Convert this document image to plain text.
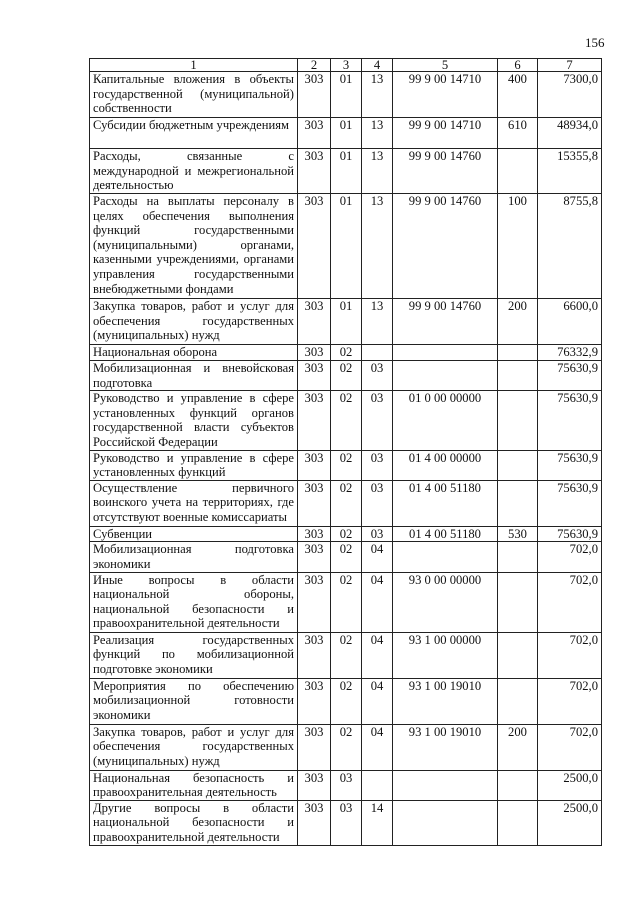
156
1	2	3	4	5	6	7
Капитальные вложения в объекты государственной (муниципальной) собственности	303	01	13	99 9 00 14710	400	7300,0
Субсидии бюджетным учреждениям	303	01	13	99 9 00 14710	610	48934,0
Расходы, связанные с международной и межрегиональной деятельностью	303	01	13	99 9 00 14760		15355,8
Расходы на выплаты персоналу в целях обеспечения выполнения функций государственными (муниципальными) органами, казенными учреждениями, органами управления государственными внебюджетными фондами	303	01	13	99 9 00 14760	100	8755,8
Закупка товаров, работ и услуг для обеспечения государственных (муниципальных) нужд	303	01	13	99 9 00 14760	200	6600,0
Национальная оборона	303	02				76332,9
Мобилизационная и вневойсковая подготовка	303	02	03			75630,9
Руководство и управление в сфере установленных функций органов государственной власти субъектов Российской Федерации	303	02	03	01 0 00 00000		75630,9
Руководство и управление в сфере установленных функций	303	02	03	01 4 00 00000		75630,9
Осуществление первичного воинского учета на территориях, где отсутствуют военные комиссариаты	303	02	03	01 4 00 51180		75630,9
Субвенции	303	02	03	01 4 00 51180	530	75630,9
Мобилизационная подготовка экономики	303	02	04			702,0
Иные вопросы в области национальной обороны, национальной безопасности и правоохранительной деятельности	303	02	04	93 0 00 00000		702,0
Реализация государственных функций по мобилизационной подготовке экономики	303	02	04	93 1 00 00000		702,0
Мероприятия по обеспечению мобилизационной готовности экономики	303	02	04	93 1 00 19010		702,0
Закупка товаров, работ и услуг для обеспечения государственных (муниципальных) нужд	303	02	04	93 1 00 19010	200	702,0
Национальная безопасность и правоохранительная деятельность	303	03				2500,0
Другие вопросы в области национальной безопасности и правоохранительной деятельности	303	03	14			2500,0
